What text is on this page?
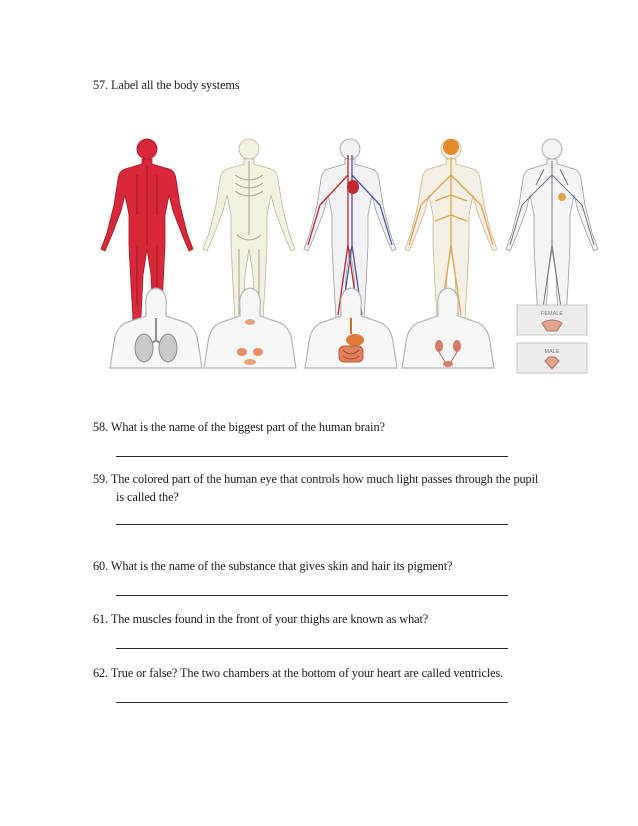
57. Label all the body systems
FEMALE
MALE
58. What is the name of the biggest part of the human brain?
59. The colored part of the human eye that controls how much light passes through the pupil
is called the?
60. What is the name of the substance that gives skin and hair its pigment?
61. The muscles found in the front of your thighs are known as what?
62. True or false? The two chambers at the bottom of your heart are called ventricles.
